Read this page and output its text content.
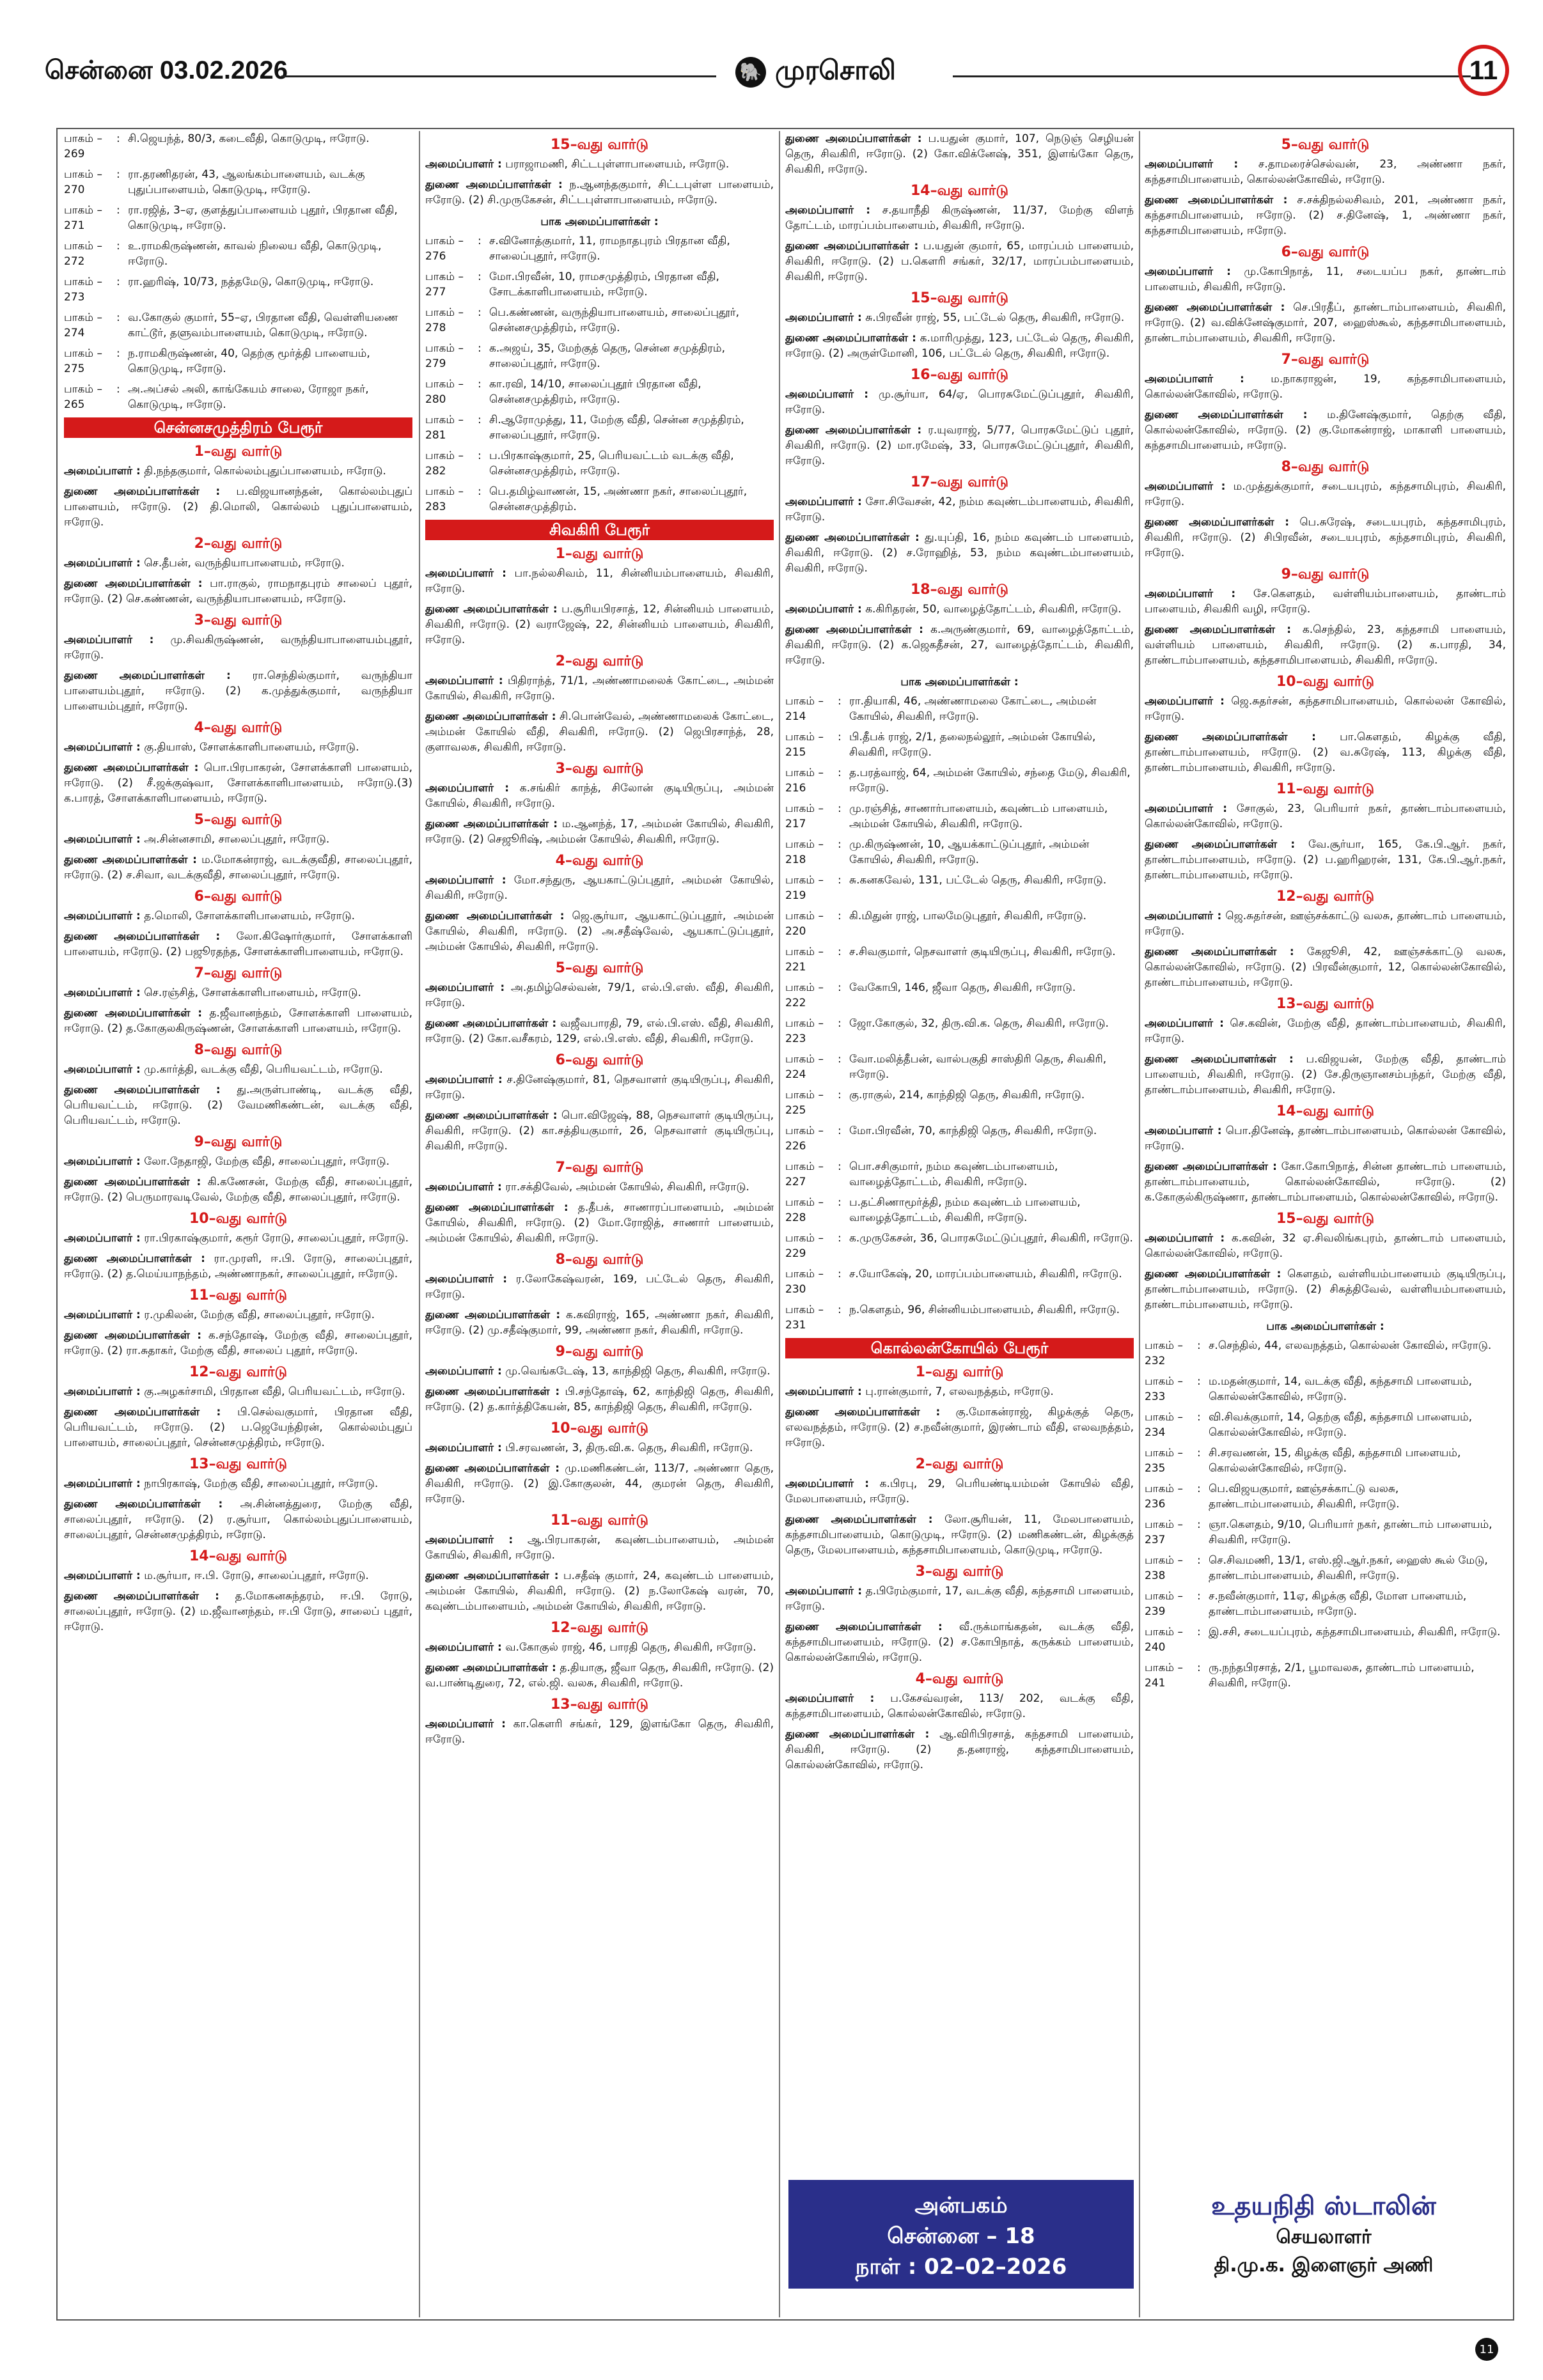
சென்னை 03.02.2026	🐘 முரசொலி	11
பாகம் – 269
: சி.ஜெயந்த், 80/3, கடைவீதி, கொடுமுடி, ஈரோடு.
பாகம் – 270
: ரா.தரணிதரன், 43, ஆலங்கம்பாளையம், வடக்கு புதுப்பாளையம், கொடுமுடி, ஈரோடு.
பாகம் – 271
: ரா.ரஜித், 3–ஏ, குளத்துப்பாளையம் புதூர், பிரதான வீதி, கொடுமுடி, ஈரோடு.
பாகம் – 272
: உ.ராமகிருஷ்ணன், காவல் நிலைய வீதி, கொடுமுடி, ஈரோடு.
பாகம் – 273
: ரா.ஹரிஷ், 10/73, நத்தமேடு, கொடுமுடி, ஈரோடு.
பாகம் – 274
: வ.கோகுல் குமார், 55–ஏ, பிரதான வீதி, வெள்ளியணை காட்டூர், தளுவம்பாளையம், கொடுமுடி, ஈரோடு.
பாகம் – 275
: ந.ராமகிருஷ்ணன், 40, தெற்கு மூர்த்தி பாளையம், கொடுமுடி, ஈரோடு.
பாகம் – 265
: அ.அப்சல் அலி, காங்கேயம் சாலை, ரோஜா நகர், கொடுமுடி, ஈரோடு.
சென்னசமுத்திரம் பேரூர்
1–வது வார்டு

அமைப்பாளர் : தி.நந்தகுமார், கொல்லம்புதுப்பாளையம், ஈரோடு.

துணை அமைப்பாளர்கள் : ப.விஜயானந்தன், கொல்லம்புதுப் பாளையம், ஈரோடு. (2) தி.மொலி, கொல்லம் புதுப்பாளையம், ஈரோடு.

2–வது வார்டு

அமைப்பாளர் : செ.தீபன், வருந்தியாபாளையம், ஈரோடு.

துணை அமைப்பாளர்கள் : பா.ராகுல், ராமநாதபுரம் சாலைப் புதூர், ஈரோடு. (2) செ.கண்ணன், வருந்தியாபாளையம், ஈரோடு.

3–வது வார்டு

அமைப்பாளர் : மு.சிவகிருஷ்ணன், வருந்தியாபாளையம்புதூர், ஈரோடு.

துணை அமைப்பாளர்கள் : ரா.செந்தில்குமார், வருந்தியா பாளையம்புதூர், ஈரோடு. (2) க.முத்துக்குமார், வருந்தியா பாளையம்புதூர், ஈரோடு.

4–வது வார்டு

அமைப்பாளர் : கு.தியாஸ், சோளக்காளிபாளையம், ஈரோடு.

துணை அமைப்பாளர்கள் : பொ.பிரபாகரன், சோளக்காளி பாளையம், ஈரோடு. (2) சீ.ஜக்குஷ்வா, சோளக்காளிபாளையம், ஈரோடு.(3) க.பாரத், சோளக்காளிபாளையம், ஈரோடு.

5–வது வார்டு

அமைப்பாளர் : அ.சின்னசாமி, சாலைப்புதூர், ஈரோடு.

துணை அமைப்பாளர்கள் : ம.மோகன்ராஜ், வடக்குவீதி, சாலைப்புதூர், ஈரோடு. (2) ச.சிவா, வடக்குவீதி, சாலைப்புதூர், ஈரோடு.

6–வது வார்டு

அமைப்பாளர் : த.மொலி, சோளக்காளிபாளையம், ஈரோடு.

துணை அமைப்பாளர்கள் : லோ.கிஷோர்குமார், சோளக்காளி பாளையம், ஈரோடு. (2) பஜூரதந்த, சோளக்காளிபாளையம், ஈரோடு.

7–வது வார்டு

அமைப்பாளர் : செ.ரஞ்சித், சோளக்காளிபாளையம், ஈரோடு.

துணை அமைப்பாளர்கள் : த.ஜீவானந்தம், சோளக்காளி பாளையம், ஈரோடு. (2) த.கோகுலகிருஷ்ணன், சோளக்காளி பாளையம், ஈரோடு.

8–வது வார்டு

அமைப்பாளர் : மு.கார்த்தி, வடக்கு வீதி, பெரியவட்டம், ஈரோடு.

துணை அமைப்பாளர்கள் : து.அருள்பாண்டி, வடக்கு வீதி, பெரியவட்டம், ஈரோடு. (2) வேமணிகண்டன், வடக்கு வீதி, பெரியவட்டம், ஈரோடு.

9–வது வார்டு

அமைப்பாளர் : லோ.நேதாஜி, மேற்கு வீதி, சாலைப்புதூர், ஈரோடு.

துணை அமைப்பாளர்கள் : கி.கணேசன், மேற்கு வீதி, சாலைப்புதூர், ஈரோடு. (2) பெருமாரவடிவேல், மேற்கு வீதி, சாலைப்புதூர், ஈரோடு.

10–வது வார்டு

அமைப்பாளர் : ரா.பிரகாஷ்குமார், கரூர் ரோடு, சாலைப்புதூர், ஈரோடு.

துணை அமைப்பாளர்கள் : ரா.முரளி, ஈ.பி. ரோடு, சாலைப்புதூர், ஈரோடு. (2) த.மெய்யாநந்தம், அண்ணாநகர், சாலைப்புதூர், ஈரோடு.

11–வது வார்டு

அமைப்பாளர் : ர.முகிலன், மேற்கு வீதி, சாலைப்புதூர், ஈரோடு.

துணை அமைப்பாளர்கள் : க.சந்தோஷ், மேற்கு வீதி, சாலைப்புதூர், ஈரோடு. (2) ரா.சுதாகர், மேற்கு வீதி, சாலைப் புதூர், ஈரோடு.

12–வது வார்டு

அமைப்பாளர் : கு.அழகர்சாமி, பிரதான வீதி, பெரியவட்டம், ஈரோடு.

துணை அமைப்பாளர்கள் : பி.செல்வகுமார், பிரதான வீதி, பெரியவட்டம், ஈரோடு. (2) ப.ஜெயேந்திரன், கொல்லம்புதுப் பாளையம், சாலைப்புதூர், சென்னசமுத்திரம், ஈரோடு.

13–வது வார்டு

அமைப்பாளர் : நாபிரகாஷ், மேற்கு வீதி, சாலைப்புதூர், ஈரோடு.

துணை அமைப்பாளர்கள் : அ.சின்னத்துரை, மேற்கு வீதி, சாலைப்புதூர், ஈரோடு. (2) ர.சூர்யா, கொல்லம்புதுப்பாளையம், சாலைப்புதூர், சென்னசமுத்திரம், ஈரோடு.

14–வது வார்டு

அமைப்பாளர் : ம.சூர்யா, ஈ.பி. ரோடு, சாலைப்புதூர், ஈரோடு.

துணை அமைப்பாளர்கள் : த.மோகனசுந்தரம், ஈ.பி. ரோடு, சாலைப்புதூர், ஈரோடு. (2) ம.ஜீவானந்தம், ஈ.பி ரோடு, சாலைப் புதூர், ஈரோடு.

15–வது வார்டு

அமைப்பாளர் : பராஜாமணி, சிட்டபுள்ளாபாளையம், ஈரோடு.

துணை அமைப்பாளர்கள் : ந.ஆனந்தகுமார், சிட்டபுள்ள பாளையம், ஈரோடு. (2) சி.முருகேசன், சிட்டபுள்ளாபாளையம், ஈரோடு.

பாக அமைப்பாளர்கள் :
பாகம் – 276
: ச.வினோத்குமார், 11, ராமநாதபுரம் பிரதான வீதி, சாலைப்புதூர், ஈரோடு.
பாகம் – 277
: மோ.பிரவீன், 10, ராமசமுத்திரம், பிரதான வீதி, சோடக்காளிபாளையம், ஈரோடு.
பாகம் – 278
: பெ.கண்ணன், வருந்தியாபாளையம், சாலைப்புதூர், சென்னசமுத்திரம், ஈரோடு.
பாகம் – 279
: க.அஜய், 35, மேற்குத் தெரு, சென்ன சமுத்திரம், சாலைப்புதூர், ஈரோடு.
பாகம் – 280
: கா.ரவி, 14/10, சாலைப்புதூர் பிரதான வீதி, சென்னசமுத்திரம், ஈரோடு.
பாகம் – 281
: சி.ஆரோமுத்து, 11, மேற்கு வீதி, சென்ன சமுத்திரம், சாலைப்புதூர், ஈரோடு.
பாகம் – 282
: ப.பிரகாஷ்குமார், 25, பெரியவட்டம் வடக்கு வீதி, சென்னசமுத்திரம், ஈரோடு.
பாகம் – 283
: பெ.தமிழ்வாணன், 15, அண்ணா நகர், சாலைப்புதூர், சென்னசமுத்திரம்.
சிவகிரி பேரூர்
1–வது வார்டு

அமைப்பாளர் : பா.நல்லசிவம், 11, சின்னியம்பாளையம், சிவகிரி, ஈரோடு.

துணை அமைப்பாளர்கள் : ப.சூரியபிரசாத், 12, சின்னியம் பாளையம், சிவகிரி, ஈரோடு. (2) வராஜேஷ், 22, சின்னியம் பாளையம், சிவகிரி, ஈரோடு.

2–வது வார்டு

அமைப்பாளர் : பிதிராந்த், 71/1, அண்ணாமலைக் கோட்டை, அம்மன் கோயில், சிவகிரி, ஈரோடு.

துணை அமைப்பாளர்கள் : சி.பொன்வேல், அண்ணாமலைக் கோட்டை, அம்மன் கோயில் வீதி, சிவகிரி, ஈரோடு. (2) ஜெபிரசாந்த், 28, குளாவலசு, சிவகிரி, ஈரோடு.

3–வது வார்டு

அமைப்பாளர் : க.சங்கிர் காந்த், சிலோன் குடியிருப்பு, அம்மன் கோயில், சிவகிரி, ஈரோடு.

துணை அமைப்பாளர்கள் : ம.ஆனந்த், 17, அம்மன் கோயில், சிவகிரி, ஈரோடு. (2) செஜூரிஷ், அம்மன் கோயில், சிவகிரி, ஈரோடு.

4–வது வார்டு

அமைப்பாளர் : மோ.சந்துரு, ஆயகாட்டுப்புதூர், அம்மன் கோயில், சிவகிரி, ஈரோடு.

துணை அமைப்பாளர்கள் : ஜெ.சூர்யா, ஆயகாட்டுப்புதூர், அம்மன் கோயில், சிவகிரி, ஈரோடு. (2) அ.சதீஷ்வேல், ஆயகாட்டுப்புதூர், அம்மன் கோயில், சிவகிரி, ஈரோடு.

5–வது வார்டு

அமைப்பாளர் : அ.தமிழ்செல்வன், 79/1, எல்.பி.எஸ். வீதி, சிவகிரி, ஈரோடு.

துணை அமைப்பாளர்கள் : வஜீவபாரதி, 79, எல்.பி.எஸ். வீதி, சிவகிரி, ஈரோடு. (2) கோ.வசீகரம், 129, எல்.பி.எஸ். வீதி, சிவகிரி, ஈரோடு.

6–வது வார்டு

அமைப்பாளர் : ச.தினேஷ்குமார், 81, நெசவாளர் குடியிருப்பு, சிவகிரி, ஈரோடு.

துணை அமைப்பாளர்கள் : பொ.விஜேஷ், 88, நெசவாளர் குடியிருப்பு, சிவகிரி, ஈரோடு. (2) கா.சத்தியகுமார், 26, நெசவாளர் குடியிருப்பு, சிவகிரி, ஈரோடு.

7–வது வார்டு

அமைப்பாளர் : ரா.சக்திவேல், அம்மன் கோயில், சிவகிரி, ஈரோடு.

துணை அமைப்பாளர்கள் : த.தீபக், சாணாரப்பாளையம், அம்மன் கோயில், சிவகிரி, ஈரோடு. (2) மோ.ரோஜித், சாணார் பாளையம், அம்மன் கோயில், சிவகிரி, ஈரோடு.

8–வது வார்டு

அமைப்பாளர் : ர.லோகேஷ்வரன், 169, பட்டேல் தெரு, சிவகிரி, ஈரோடு.

துணை அமைப்பாளர்கள் : க.கவிராஜ், 165, அண்ணா நகர், சிவகிரி, ஈரோடு. (2) மு.சதீஷ்குமார், 99, அண்ணா நகர், சிவகிரி, ஈரோடு.

9–வது வார்டு

அமைப்பாளர் : மு.வெங்கடேஷ், 13, காந்திஜி தெரு, சிவகிரி, ஈரோடு.

துணை அமைப்பாளர்கள் : பி.சந்தோஷ், 62, காந்திஜி தெரு, சிவகிரி, ஈரோடு. (2) த.கார்த்திகேயன், 85, காந்திஜி தெரு, சிவகிரி, ஈரோடு.

10–வது வார்டு

அமைப்பாளர் : பி.சரவணன், 3, திரு.வி.க. தெரு, சிவகிரி, ஈரோடு.

துணை அமைப்பாளர்கள் : மு.மணிகண்டன், 113/7, அண்ணா தெரு, சிவகிரி, ஈரோடு. (2) இ.கோகுலன், 44, குமரன் தெரு, சிவகிரி, ஈரோடு.

11–வது வார்டு

அமைப்பாளர் : ஆ.பிரபாகரன், கவுண்டம்பாளையம், அம்மன் கோயில், சிவகிரி, ஈரோடு.

துணை அமைப்பாளர்கள் : ப.சதீஷ் குமார், 24, கவுண்டம் பாளையம், அம்மன் கோயில், சிவகிரி, ஈரோடு. (2) ந.லோகேஷ் வரன், 70, கவுண்டம்பாளையம், அம்மன் கோயில், சிவகிரி, ஈரோடு.

12–வது வார்டு

அமைப்பாளர் : வ.கோகுல் ராஜ், 46, பாரதி தெரு, சிவகிரி, ஈரோடு.

துணை அமைப்பாளர்கள் : த.தியாகு, ஜீவா தெரு, சிவகிரி, ஈரோடு. (2) வ.பாண்டிதுரை, 72, எல்.ஜி. வலசு, சிவகிரி, ஈரோடு.

13–வது வார்டு

அமைப்பாளர் : கா.கௌரி சங்கர், 129, இளங்கோ தெரு, சிவகிரி, ஈரோடு.

துணை அமைப்பாளர்கள் : ப.யதுன் குமார், 107, நெடுஞ் செழியன் தெரு, சிவகிரி, ஈரோடு. (2) கோ.விக்னேஷ், 351, இளங்கோ தெரு, சிவகிரி, ஈரோடு.

14–வது வார்டு

அமைப்பாளர் : ச.தயாநீதி கிருஷ்ணன், 11/37, மேற்கு விளந் தோட்டம், மாரப்பம்பாளையம், சிவகிரி, ஈரோடு.

துணை அமைப்பாளர்கள் : ப.யதுன் குமார், 65, மாரப்பம் பாளையம், சிவகிரி, ஈரோடு. (2) ப.கௌரி சங்கர், 32/17, மாரப்பம்பாளையம், சிவகிரி, ஈரோடு.

15–வது வார்டு

அமைப்பாளர் : சு.பிரவீன் ராஜ், 55, பட்டேல் தெரு, சிவகிரி, ஈரோடு.

துணை அமைப்பாளர்கள் : க.மாரிமுத்து, 123, பட்டேல் தெரு, சிவகிரி, ஈரோடு. (2) அருள்மோனி, 106, பட்டேல் தெரு, சிவகிரி, ஈரோடு.

16–வது வார்டு

அமைப்பாளர் : மு.சூர்யா, 64/ஏ, பொரசுமேட்டுப்புதூர், சிவகிரி, ஈரோடு.

துணை அமைப்பாளர்கள் : ர.யுவராஜ், 5/77, பொரசுமேட்டுப் புதூர், சிவகிரி, ஈரோடு. (2) மா.ரமேஷ், 33, பொரசுமேட்டுப்புதூர், சிவகிரி, ஈரோடு.

17–வது வார்டு

அமைப்பாளர் : சோ.சிவேசன், 42, நம்ம கவுண்டம்பாளையம், சிவகிரி, ஈரோடு.

துணை அமைப்பாளர்கள் : து.யுப்தி, 16, நம்ம கவுண்டம் பாளையம், சிவகிரி, ஈரோடு. (2) ச.ரோஹித், 53, நம்ம கவுண்டம்பாளையம், சிவகிரி, ஈரோடு.

18–வது வார்டு

அமைப்பாளர் : க.கிரிதரன், 50, வாழைத்தோட்டம், சிவகிரி, ஈரோடு.

துணை அமைப்பாளர்கள் : க.அருண்குமார், 69, வாழைத்தோட்டம், சிவகிரி, ஈரோடு. (2) க.ஜெகதீசன், 27, வாழைத்தோட்டம், சிவகிரி, ஈரோடு.

பாக அமைப்பாளர்கள் :
பாகம் – 214
: ரா.தியாகி, 46, அண்ணாமலை கோட்டை, அம்மன் கோயில், சிவகிரி, ஈரோடு.
பாகம் – 215
: பி.தீபக் ராஜ், 2/1, தலைநல்லூர், அம்மன் கோயில், சிவகிரி, ஈரோடு.
பாகம் – 216
: த.பரத்வாஜ், 64, அம்மன் கோயில், சந்தை மேடு, சிவகிரி, ஈரோடு.
பாகம் – 217
: மு.ரஞ்சித், சாணார்பாளையம், கவுண்டம் பாளையம், அம்மன் கோயில், சிவகிரி, ஈரோடு.
பாகம் – 218
: மு.கிருஷ்ணன், 10, ஆயக்காட்டுப்புதூர், அம்மன் கோயில், சிவகிரி, ஈரோடு.
பாகம் – 219
: சு.கனகவேல், 131, பட்டேல் தெரு, சிவகிரி, ஈரோடு.
பாகம் – 220
: கி.மிதுன் ராஜ், பாலமேடுபுதூர், சிவகிரி, ஈரோடு.
பாகம் – 221
: ச.சிவகுமார், நெசவாளர் குடியிருப்பு, சிவகிரி, ஈரோடு.
பாகம் – 222
: வேகோபி, 146, ஜீவா தெரு, சிவகிரி, ஈரோடு.
பாகம் – 223
: ஜோ.கோகுல், 32, திரு.வி.க. தெரு, சிவகிரி, ஈரோடு.
பாகம் – 224
: வோ.மலித்தீபன், வால்பகுதி சாஸ்திரி தெரு, சிவகிரி, ஈரோடு.
பாகம் – 225
: கு.ராகுல், 214, காந்திஜி தெரு, சிவகிரி, ஈரோடு.
பாகம் – 226
: மோ.பிரவீன், 70, காந்திஜி தெரு, சிவகிரி, ஈரோடு.
பாகம் – 227
: பொ.சசிகுமார், நம்ம கவுண்டம்பாளையம், வாழைத்தோட்டம், சிவகிரி, ஈரோடு.
பாகம் – 228
: ப.தட்சிணாமூர்த்தி, நம்ம கவுண்டம் பாளையம், வாழைத்தோட்டம், சிவகிரி, ஈரோடு.
பாகம் – 229
: க.முருகேசன், 36, பொரசுமேட்டுப்புதூர், சிவகிரி, ஈரோடு.
பாகம் – 230
: ச.யோகேஷ், 20, மாரப்பம்பாளையம், சிவகிரி, ஈரோடு.
பாகம் – 231
: ந.கௌதம், 96, சின்னியம்பாளையம், சிவகிரி, ஈரோடு.
கொல்லன்கோயில் பேரூர்
1–வது வார்டு

அமைப்பாளர் : பு.ரான்குமார், 7, எலவநத்தம், ஈரோடு.

துணை அமைப்பாளர்கள் : கு.மோகன்ராஜ், கிழக்குத் தெரு, எலவநத்தம், ஈரோடு. (2) ச.நவீன்குமார், இரண்டாம் வீதி, எலவநத்தம், ஈரோடு.

2–வது வார்டு

அமைப்பாளர் : க.பிரபு, 29, பெரியண்டியம்மன் கோயில் வீதி, மேலபாளையம், ஈரோடு.

துணை அமைப்பாளர்கள் : லோ.சூரியன், 11, மேலபாளையம், கந்தசாமிபாளையம், கொடுமுடி, ஈரோடு. (2) மணிகண்டன், கிழக்குத் தெரு, மேலபாளையம், கந்தசாமிபாளையம், கொடுமுடி, ஈரோடு.

3–வது வார்டு

அமைப்பாளர் : த.பிரேம்குமார், 17, வடக்கு வீதி, கந்தசாமி பாளையம், ஈரோடு.

துணை அமைப்பாளர்கள் : வீ.ருக்மாங்கதன், வடக்கு வீதி, கந்தசாமிபாளையம், ஈரோடு. (2) ச.கோபிநாத், கருக்கம் பாளையம், கொல்லன்கோயில், ஈரோடு.

4–வது வார்டு

அமைப்பாளர் : ப.கேசவ்வரன், 113/ 202, வடக்கு வீதி, கந்தசாமிபாளையம், கொல்லன்கோவில், ஈரோடு.

துணை அமைப்பாளர்கள் : ஆ.விரிபிரசாத், கந்தசாமி பாளையம், சிவகிரி, ஈரோடு. (2) த.தனராஜ், கந்தசாமிபாளையம், கொல்லன்கோவில், ஈரோடு.

5–வது வார்டு

அமைப்பாளர் : ச.தாமரைச்செல்வன், 23, அண்ணா நகர், கந்தசாமிபாளையம், கொல்லன்கோவில், ஈரோடு.

துணை அமைப்பாளர்கள் : ச.சக்திநல்லசிவம், 201, அண்ணா நகர், கந்தசாமிபாளையம், ஈரோடு. (2) ச.தினேஷ், 1, அண்ணா நகர், கந்தசாமிபாளையம், ஈரோடு.

6–வது வார்டு

அமைப்பாளர் : மு.கோபிநாத், 11, சடையப்ப நகர், தாண்டாம் பாளையம், சிவகிரி, ஈரோடு.

துணை அமைப்பாளர்கள் : செ.பிரதீப், தாண்டாம்பாளையம், சிவகிரி, ஈரோடு. (2) வ.விக்னேஷ்குமார், 207, ஹைஸ்கூல், கந்தசாமிபாளையம், தாண்டாம்பாளையம், சிவகிரி, ஈரோடு.

7–வது வார்டு

அமைப்பாளர் : ம.நாகராஜன், 19, கந்தசாமிபாளையம், கொல்லன்கோவில், ஈரோடு.

துணை அமைப்பாளர்கள் : ம.தினேஷ்குமார், தெற்கு வீதி, கொல்லன்கோவில், ஈரோடு. (2) கு.மோகன்ராஜ், மாகாளி பாளையம், கந்தசாமிபாளையம், ஈரோடு.

8–வது வார்டு

அமைப்பாளர் : ம.முத்துக்குமார், சடையபுரம், கந்தசாமிபுரம், சிவகிரி, ஈரோடு.

துணை அமைப்பாளர்கள் : பெ.சுரேஷ், சடையபுரம், கந்தசாமிபுரம், சிவகிரி, ஈரோடு. (2) சிபிரவீன், சடையபுரம், கந்தசாமிபுரம், சிவகிரி, ஈரோடு.

9–வது வார்டு

அமைப்பாளர் : சே.கௌதம், வள்ளியம்பாளையம், தாண்டாம் பாளையம், சிவகிரி வழி, ஈரோடு.

துணை அமைப்பாளர்கள் : க.செந்தில், 23, கந்தசாமி பாளையம், வள்ளியம் பாளையம், சிவகிரி, ஈரோடு. (2) க.பாரதி, 34, தாண்டாம்பாளையம், கந்தசாமிபாளையம், சிவகிரி, ஈரோடு.

10–வது வார்டு

அமைப்பாளர் : ஜெ.சுதர்சன், கந்தசாமிபாளையம், கொல்லன் கோவில், ஈரோடு.

துணை அமைப்பாளர்கள் : பா.கௌதம், கிழக்கு வீதி, தாண்டாம்பாளையம், ஈரோடு. (2) வ.சுரேஷ், 113, கிழக்கு வீதி, தாண்டாம்பாளையம், சிவகிரி, ஈரோடு.

11–வது வார்டு

அமைப்பாளர் : சோகுல், 23, பெரியார் நகர், தாண்டாம்பாளையம், கொல்லன்கோவில், ஈரோடு.

துணை அமைப்பாளர்கள் : வே.சூர்யா, 165, கே.பி.ஆர். நகர், தாண்டாம்பாளையம், ஈரோடு. (2) ப.ஹரிஹரன், 131, கே.பி.ஆர்.நகர், தாண்டாம்பாளையம், ஈரோடு.

12–வது வார்டு

அமைப்பாளர் : ஜெ.சுதர்சன், ஊஞ்சக்காட்டு வலசு, தாண்டாம் பாளையம், ஈரோடு.

துணை அமைப்பாளர்கள் : கேஜூசி, 42, ஊஞ்சக்காட்டு வலசு, கொல்லன்கோவில், ஈரோடு. (2) பிரவீன்குமார், 12, கொல்லன்கோவில், தாண்டாம்பாளையம், ஈரோடு.

13–வது வார்டு

அமைப்பாளர் : செ.கவின், மேற்கு வீதி, தாண்டாம்பாளையம், சிவகிரி, ஈரோடு.

துணை அமைப்பாளர்கள் : ப.விஜயன், மேற்கு வீதி, தாண்டாம் பாளையம், சிவகிரி, ஈரோடு. (2) சே.திருஞானசம்பந்தர், மேற்கு வீதி, தாண்டாம்பாளையம், சிவகிரி, ஈரோடு.

14–வது வார்டு

அமைப்பாளர் : பொ.தினேஷ், தாண்டாம்பாளையம், கொல்லன் கோவில், ஈரோடு.

துணை அமைப்பாளர்கள் : கோ.கோபிநாத், சின்ன தாண்டாம் பாளையம், தாண்டாம்பாளையம், கொல்லன்கோவில், ஈரோடு. (2) க.கோகுல்கிருஷ்ணா, தாண்டாம்பாளையம், கொல்லன்கோவில், ஈரோடு.

15–வது வார்டு

அமைப்பாளர் : க.கவின், 32 ஏ.சிவலிங்கபுரம், தாண்டாம் பாளையம், கொல்லன்கோவில், ஈரோடு.

துணை அமைப்பாளர்கள் : கௌதம், வள்ளியம்பாளையம் குடியிருப்பு, தாண்டாம்பாளையம், ஈரோடு. (2) சிகத்திவேல், வள்ளியம்பாளையம், தாண்டாம்பாளையம், ஈரோடு.

பாக அமைப்பாளர்கள் :
பாகம் – 232
: ச.செந்தில், 44, எலவநத்தம், கொல்லன் கோவில், ஈரோடு.
பாகம் – 233
: ம.மதன்குமார், 14, வடக்கு வீதி, கந்தசாமி பாளையம், கொல்லன்கோவில், ஈரோடு.
பாகம் – 234
: வி.சிவக்குமார், 14, தெற்கு வீதி, கந்தசாமி பாளையம், கொல்லன்கோவில், ஈரோடு.
பாகம் – 235
: சி.சரவணன், 15, கிழக்கு வீதி, கந்தசாமி பாளையம், கொல்லன்கோவில், ஈரோடு.
பாகம் – 236
: பெ.விஜயகுமார், ஊஞ்சக்காட்டு வலசு, தாண்டாம்பாளையம், சிவகிரி, ஈரோடு.
பாகம் – 237
: ஞா.கௌதம், 9/10, பெரியார் நகர், தாண்டாம் பாளையம், சிவகிரி, ஈரோடு.
பாகம் – 238
: செ.சிவமணி, 13/1, எஸ்.ஜி.ஆர்.நகர், ஹைஸ் கூல் மேடு, தாண்டாம்பாளையம், சிவகிரி, ஈரோடு.
பாகம் – 239
: ச.நவீன்குமார், 11ஏ, கிழக்கு வீதி, மோள பாளையம், தாண்டாம்பாளையம், ஈரோடு.
பாகம் – 240
: இ.சசி, சடையப்புரம், கந்தசாமிபாளையம், சிவகிரி, ஈரோடு.
பாகம் – 241
: ரு.நந்தபிரசாத், 2/1, பூமாவலசு, தாண்டாம் பாளையம், சிவகிரி, ஈரோடு.
அன்பகம்
சென்னை – 18
நாள் : 02–02–2026
உதயநிதி ஸ்டாலின்
செயலாளர்
தி.மு.க. இளைஞர் அணி
11
